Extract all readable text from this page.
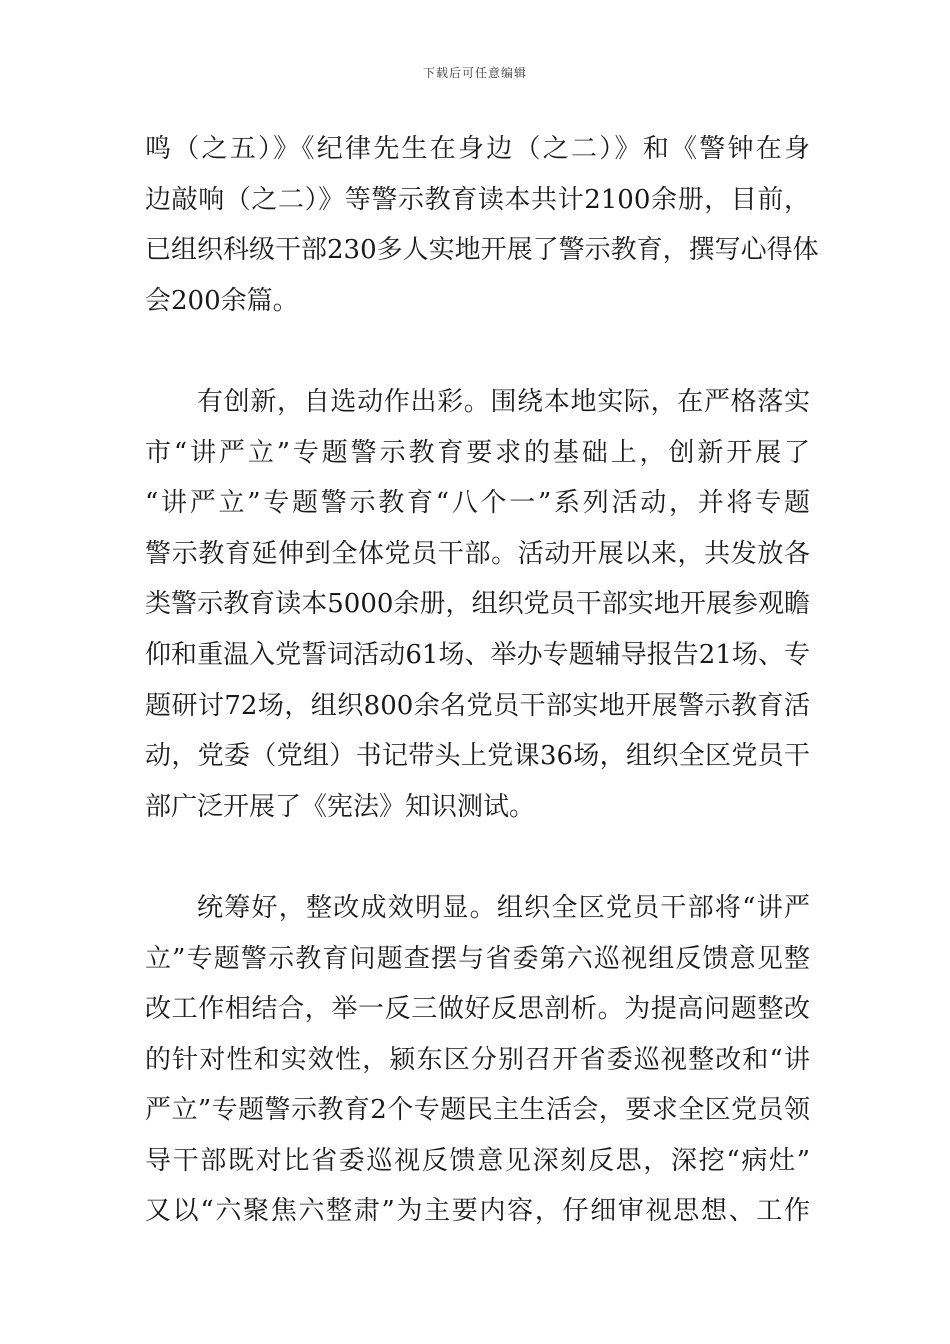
下载后可任意编辑
鸣（之五）》《纪律先生在身边（之二）》和《警钟在身
边敲响（之二）》等警示教育读本共计2100余册，目前，
已组织科级干部230多人实地开展了警示教育，撰写心得体
会200余篇。
有创新，自选动作出彩。围绕本地实际，在严格落实
市“讲严立”专题警示教育要求的基础上，创新开展了
“讲严立”专题警示教育“八个一”系列活动，并将专题
警示教育延伸到全体党员干部。活动开展以来，共发放各
类警示教育读本5000余册，组织党员干部实地开展参观瞻
仰和重温入党誓词活动61场、举办专题辅导报告21场、专
题研讨72场，组织800余名党员干部实地开展警示教育活
动，党委（党组）书记带头上党课36场，组织全区党员干
部广泛开展了《宪法》知识测试。
统筹好，整改成效明显。组织全区党员干部将“讲严
立”专题警示教育问题查摆与省委第六巡视组反馈意见整
改工作相结合，举一反三做好反思剖析。为提高问题整改
的针对性和实效性，颍东区分别召开省委巡视整改和“讲
严立”专题警示教育2个专题民主生活会，要求全区党员领
导干部既对比省委巡视反馈意见深刻反思，深挖“病灶”
又以“六聚焦六整肃”为主要内容，仔细审视思想、工作
